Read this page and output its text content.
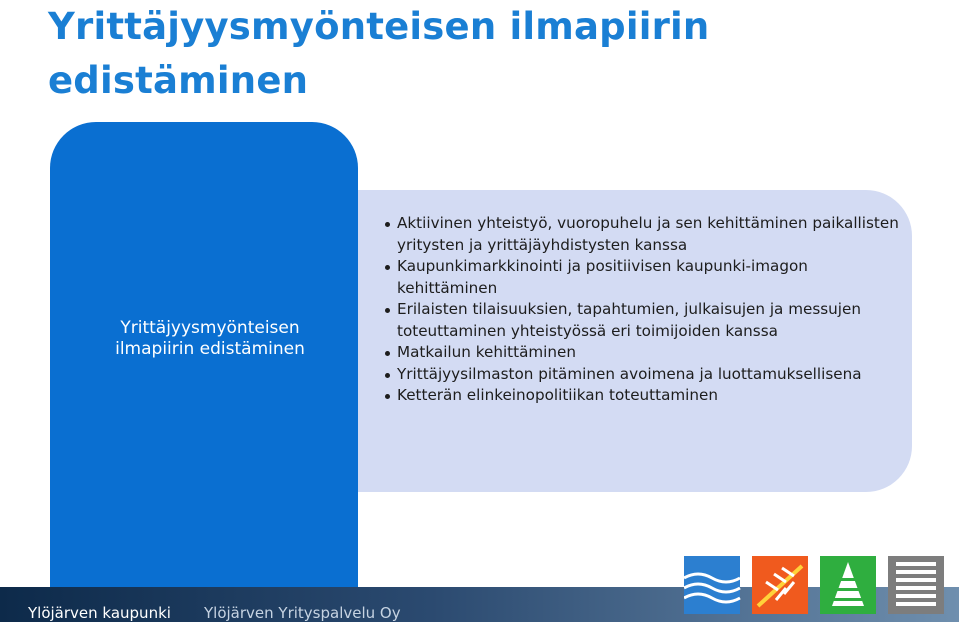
Yrittäjyysmyönteisen ilmapiirin
edistäminen
Yrittäjyysmyönteisen
ilmapiirin edistäminen
Aktiivinen yhteistyö, vuoropuhelu ja sen kehittäminen paikallisten yritysten ja yrittäjäyhdistysten kanssa
Kaupunkimarkkinointi ja positiivisen kaupunki-imagon kehittäminen
Erilaisten tilaisuuksien, tapahtumien, julkaisujen ja messujen toteuttaminen yhteistyössä eri toimijoiden kanssa
Matkailun kehittäminen
Yrittäjyysilmaston pitäminen avoimena ja luottamuksellisena
Ketterän elinkeinopolitiikan toteuttaminen
Ylöjärven kaupunki Ylöjärven Yrityspalvelu Oy
